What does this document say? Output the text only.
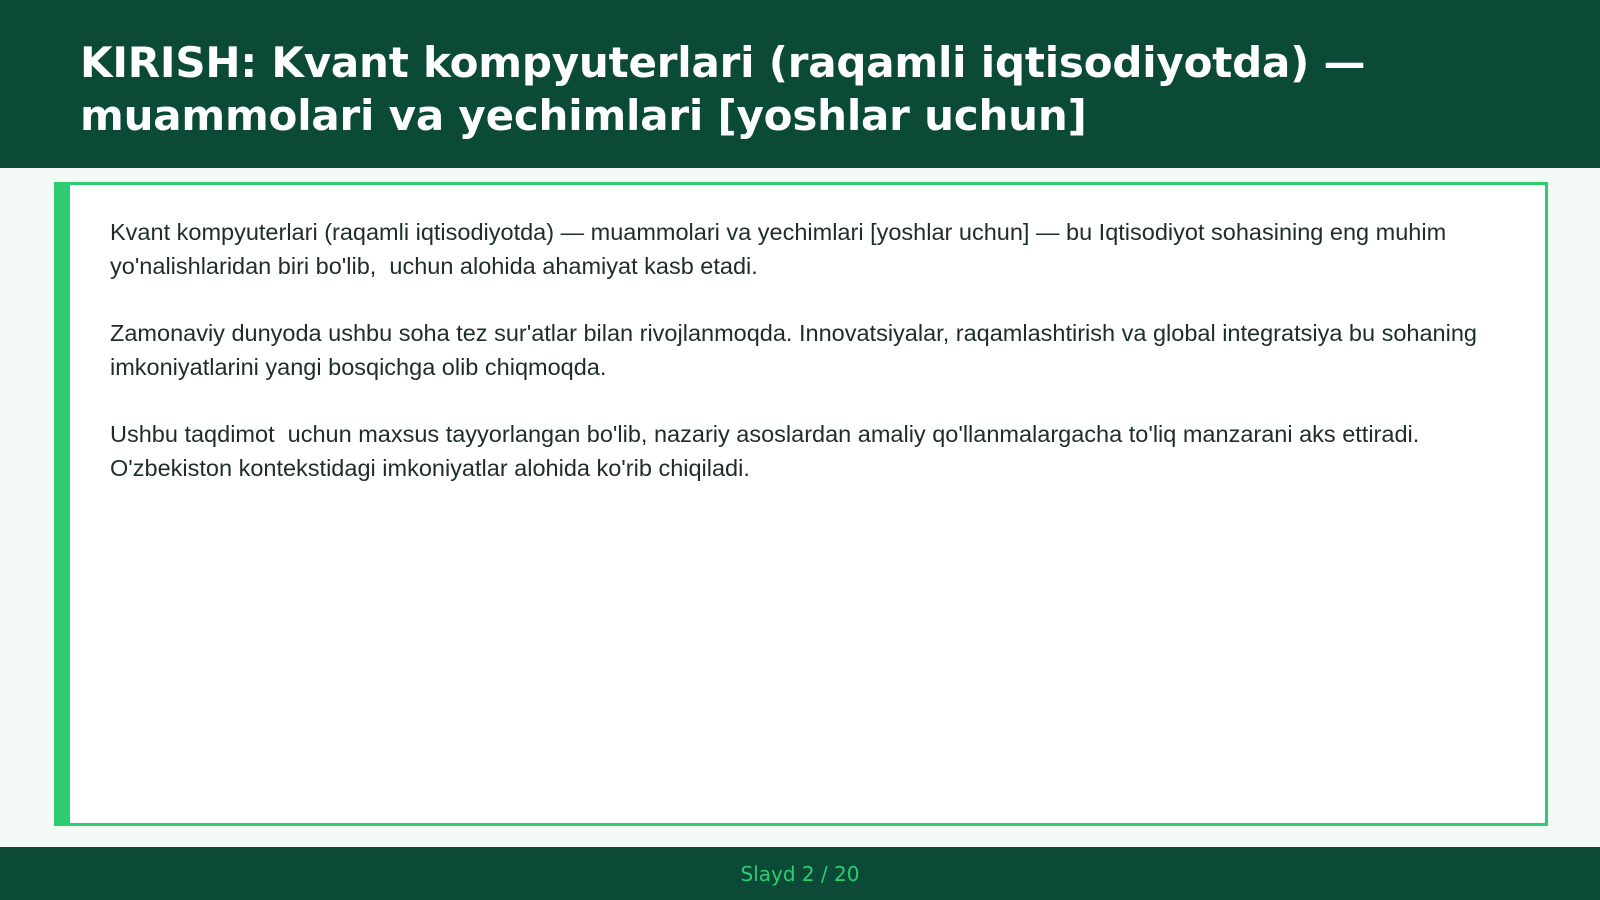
KIRISH: Kvant kompyuterlari (raqamli iqtisodiyotda) — muammolari va yechimlari [yoshlar uchun]

Kvant kompyuterlari (raqamli iqtisodiyotda) — muammolari va yechimlari [yoshlar uchun] — bu Iqtisodiyot sohasining eng muhim yo'nalishlaridan biri bo'lib,  uchun alohida ahamiyat kasb etadi.

Zamonaviy dunyoda ushbu soha tez sur'atlar bilan rivojlanmoqda. Innovatsiyalar, raqamlashtirish va global integratsiya bu sohaning imkoniyatlarini yangi bosqichga olib chiqmoqda.

Ushbu taqdimot  uchun maxsus tayyorlangan bo'lib, nazariy asoslardan amaliy qo'llanmalargacha to'liq manzarani aks ettiradi. O'zbekiston kontekstidagi imkoniyatlar alohida ko'rib chiqiladi.

Slayd 2 / 20
